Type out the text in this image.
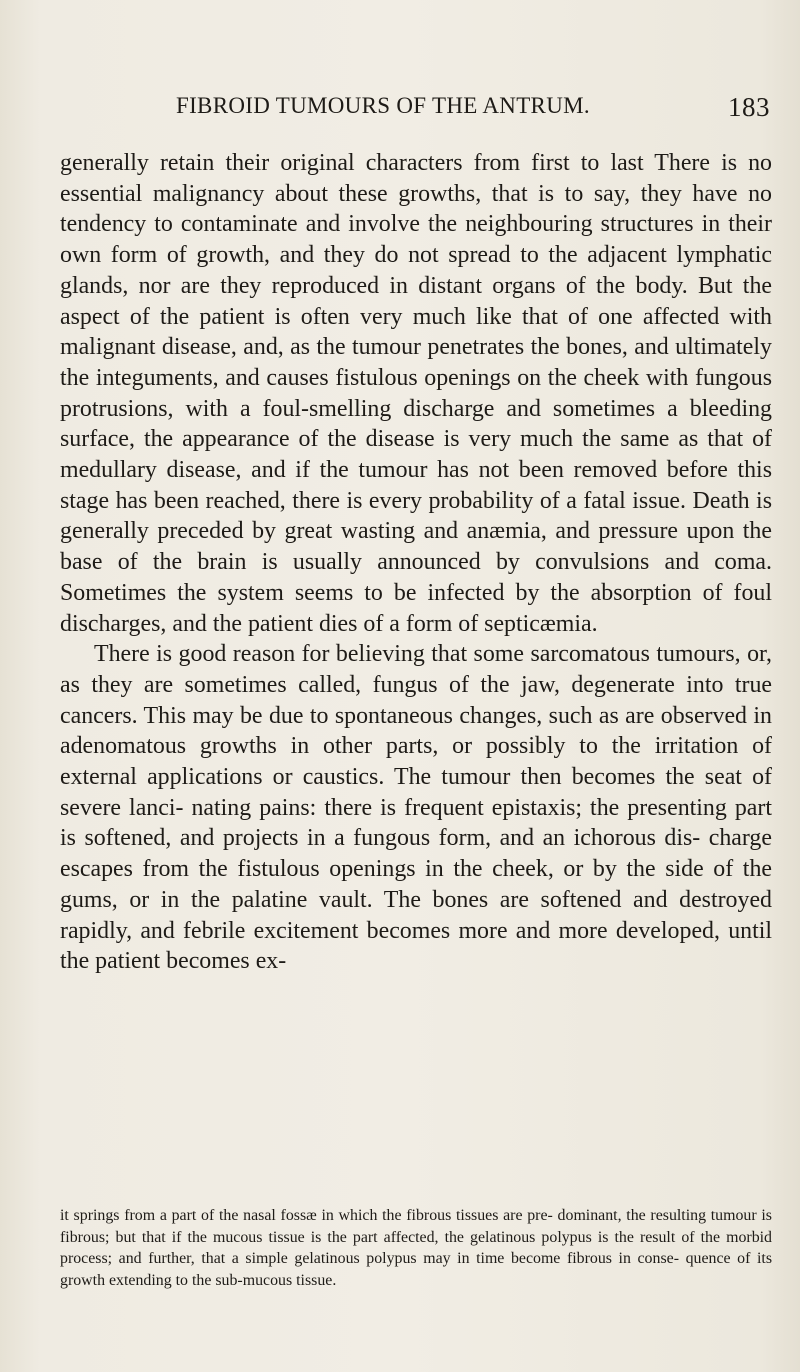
FIBROID TUMOURS OF THE ANTRUM.	183

generally retain their original characters from first to last There is no essential malignancy about these growths, that is to say, they have no tendency to contaminate and involve the neighbouring structures in their own form of growth, and they do not spread to the adjacent lymphatic glands, nor are they reproduced in distant organs of the body. But the aspect of the patient is often very much like that of one affected with malignant disease, and, as the tumour penetrates the bones, and ultimately the integuments, and causes fistulous openings on the cheek with fungous protrusions, with a foul-smelling discharge and sometimes a bleeding surface, the appearance of the disease is very much the same as that of medullary disease, and if the tumour has not been removed before this stage has been reached, there is every probability of a fatal issue. Death is generally preceded by great wasting and anæmia, and pressure upon the base of the brain is usually announced by convulsions and coma. Sometimes the system seems to be infected by the absorption of foul discharges, and the patient dies of a form of septicæmia.

There is good reason for believing that some sarcomatous tumours, or, as they are sometimes called, fungus of the jaw, degenerate into true cancers. This may be due to spontaneous changes, such as are observed in adenomatous growths in other parts, or possibly to the irritation of external applications or caustics. The tumour then becomes the seat of severe lanci- nating pains: there is frequent epistaxis; the presenting part is softened, and projects in a fungous form, and an ichorous dis- charge escapes from the fistulous openings in the cheek, or by the side of the gums, or in the palatine vault. The bones are softened and destroyed rapidly, and febrile excitement becomes more and more developed, until the patient becomes ex-

it springs from a part of the nasal fossæ in which the fibrous tissues are pre- dominant, the resulting tumour is fibrous; but that if the mucous tissue is the part affected, the gelatinous polypus is the result of the morbid process; and further, that a simple gelatinous polypus may in time become fibrous in conse- quence of its growth extending to the sub-mucous tissue.
